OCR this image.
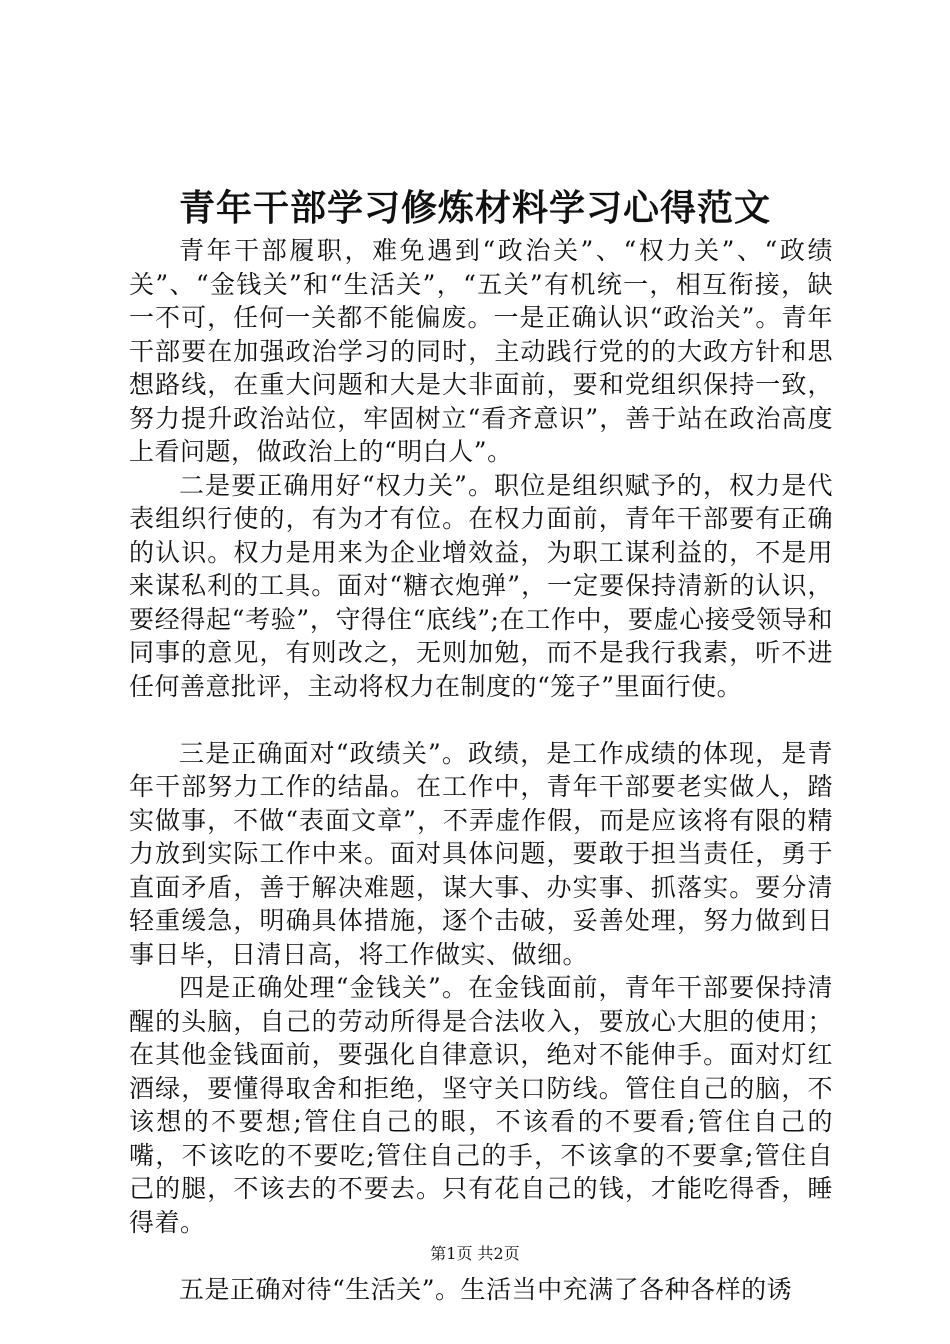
青年干部学习修炼材料学习心得范文

青年干部履职，难免遇到“政治关”、“权力关”、“政绩关”、“金钱关”和“生活关”，“五关”有机统一，相互衔接，缺一不可，任何一关都不能偏废。一是正确认识“政治关”。青年干部要在加强政治学习的同时，主动践行党的的大政方针和思想路线，在重大问题和大是大非面前，要和党组织保持一致，努力提升政治站位，牢固树立“看齐意识”，善于站在政治高度上看问题，做政治上的“明白人”。

二是要正确用好“权力关”。职位是组织赋予的，权力是代表组织行使的，有为才有位。在权力面前，青年干部要有正确的认识。权力是用来为企业增效益，为职工谋利益的，不是用来谋私利的工具。面对“糖衣炮弹”，一定要保持清新的认识，要经得起“考验”，守得住“底线”;在工作中，要虚心接受领导和同事的意见，有则改之，无则加勉，而不是我行我素，听不进任何善意批评，主动将权力在制度的“笼子”里面行使。

三是正确面对“政绩关”。政绩，是工作成绩的体现，是青年干部努力工作的结晶。在工作中，青年干部要老实做人，踏实做事，不做“表面文章”，不弄虚作假，而是应该将有限的精力放到实际工作中来。面对具体问题，要敢于担当责任，勇于直面矛盾，善于解决难题，谋大事、办实事、抓落实。要分清轻重缓急，明确具体措施，逐个击破，妥善处理，努力做到日事日毕，日清日高，将工作做实、做细。

四是正确处理“金钱关”。在金钱面前，青年干部要保持清醒的头脑，自己的劳动所得是合法收入，要放心大胆的使用；在其他金钱面前，要强化自律意识，绝对不能伸手。面对灯红酒绿，要懂得取舍和拒绝，坚守关口防线。管住自己的脑，不该想的不要想;管住自己的眼，不该看的不要看;管住自己的嘴，不该吃的不要吃;管住自己的手，不该拿的不要拿;管住自己的腿，不该去的不要去。只有花自己的钱，才能吃得香，睡得着。

五是正确对待“生活关”。生活当中充满了各种各样的诱

第1页 共2页
